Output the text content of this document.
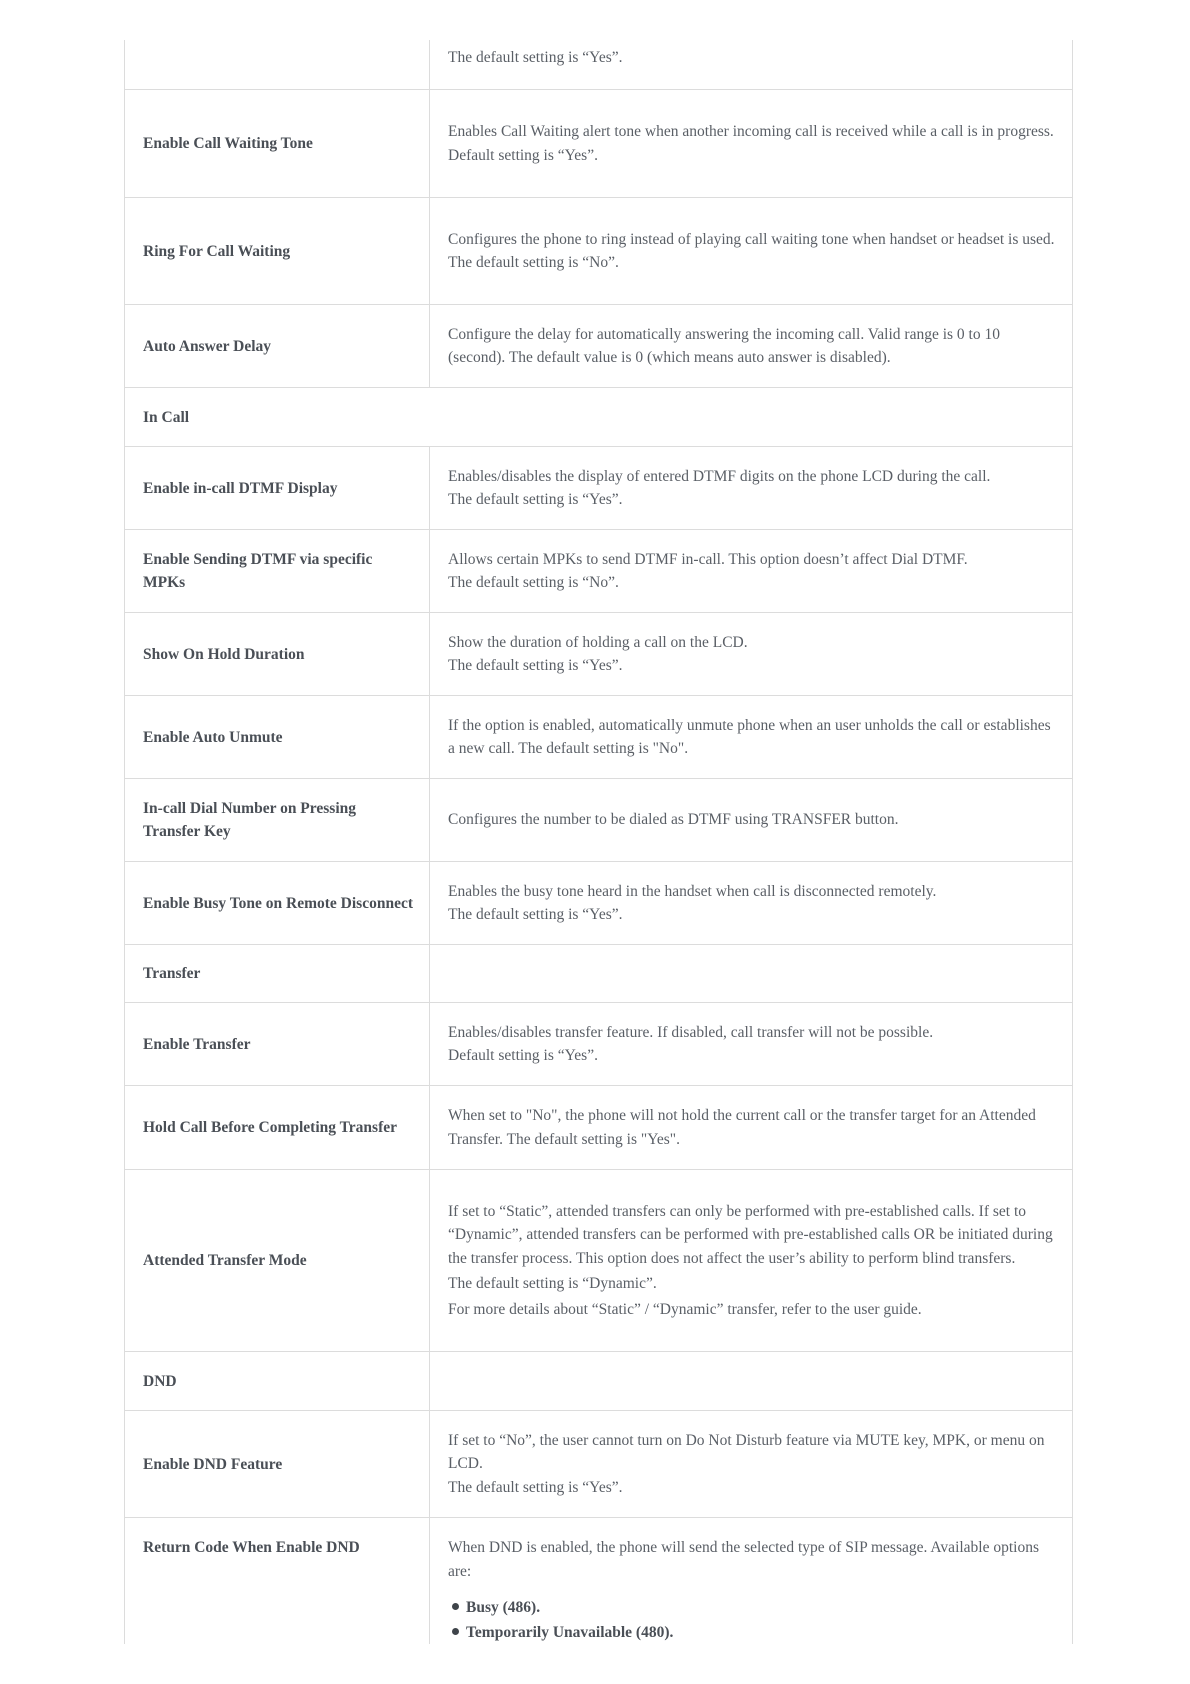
The default setting is “Yes”.
Enable Call Waiting Tone
Enables Call Waiting alert tone when another incoming call is received while a call is in progress.
Default setting is “Yes”.
Ring For Call Waiting
Configures the phone to ring instead of playing call waiting tone when handset or headset is used.
The default setting is “No”.
Auto Answer Delay
Configure the delay for automatically answering the incoming call. Valid range is 0 to 10 (second). The default value is 0 (which means auto answer is disabled).
In Call
Enable in-call DTMF Display
Enables/disables the display of entered DTMF digits on the phone LCD during the call.
The default setting is “Yes”.
Enable Sending DTMF via specific MPKs
Allows certain MPKs to send DTMF in-call. This option doesn’t affect Dial DTMF.
The default setting is “No”.
Show On Hold Duration
Show the duration of holding a call on the LCD.
The default setting is “Yes”.
Enable Auto Unmute
If the option is enabled, automatically unmute phone when an user unholds the call or establishes a new call. The default setting is "No".
In-call Dial Number on Pressing Transfer Key
Configures the number to be dialed as DTMF using TRANSFER button.
Enable Busy Tone on Remote Disconnect
Enables the busy tone heard in the handset when call is disconnected remotely.
The default setting is “Yes”.
Transfer
Enable Transfer
Enables/disables transfer feature. If disabled, call transfer will not be possible.
Default setting is “Yes”.
Hold Call Before Completing Transfer
When set to "No", the phone will not hold the current call or the transfer target for an Attended Transfer. The default setting is "Yes".
Attended Transfer Mode
If set to “Static”, attended transfers can only be performed with pre-established calls. If set to “Dynamic”, attended transfers can be performed with pre-established calls OR be initiated during the transfer process. This option does not affect the user’s ability to perform blind transfers.
The default setting is “Dynamic”.
For more details about “Static” / “Dynamic” transfer, refer to the user guide.
DND
Enable DND Feature
If set to “No”, the user cannot turn on Do Not Disturb feature via MUTE key, MPK, or menu on LCD.
The default setting is “Yes”.
Return Code When Enable DND	When DND is enabled, the phone will send the selected type of SIP message. Available options are:
Busy (486).
Temporarily Unavailable (480).
